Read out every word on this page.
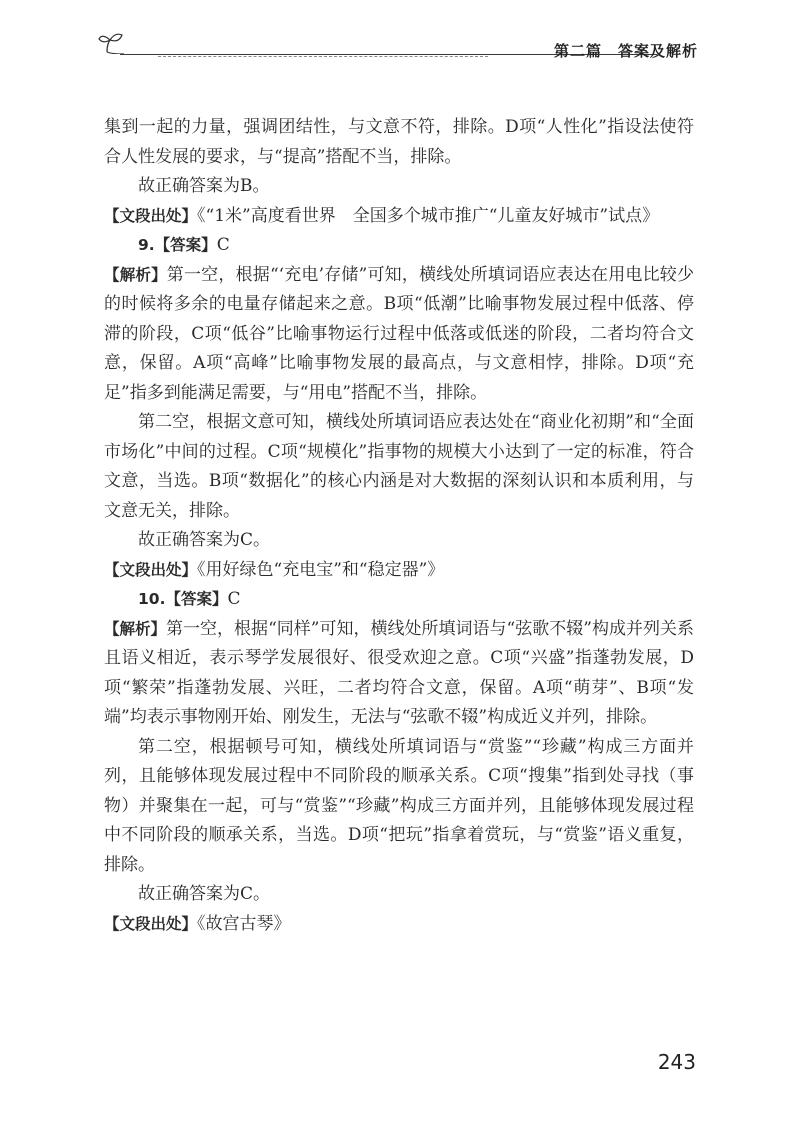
第二篇　答案及解析

集到一起的力量，强调团结性，与文意不符，排除。D项“人性化”指设法使符合人性发展的要求，与“提高”搭配不当，排除。

故正确答案为B。

【文段出处】《“1米”高度看世界　全国多个城市推广“儿童友好城市”试点》

9.【答案】C

【解析】第一空，根据“‘充电’存储”可知，横线处所填词语应表达在用电比较少的时候将多余的电量存储起来之意。B项“低潮”比喻事物发展过程中低落、停滞的阶段，C项“低谷”比喻事物运行过程中低落或低迷的阶段，二者均符合文意，保留。A项“高峰”比喻事物发展的最高点，与文意相悖，排除。D项“充足”指多到能满足需要，与“用电”搭配不当，排除。

第二空，根据文意可知，横线处所填词语应表达处在“商业化初期”和“全面市场化”中间的过程。C项“规模化”指事物的规模大小达到了一定的标准，符合文意，当选。B项“数据化”的核心内涵是对大数据的深刻认识和本质利用，与文意无关，排除。

故正确答案为C。

【文段出处】《用好绿色“充电宝”和“稳定器”》

10.【答案】C

【解析】第一空，根据“同样”可知，横线处所填词语与“弦歌不辍”构成并列关系且语义相近，表示琴学发展很好、很受欢迎之意。C项“兴盛”指蓬勃发展，D项“繁荣”指蓬勃发展、兴旺，二者均符合文意，保留。A项“萌芽”、B项“发端”均表示事物刚开始、刚发生，无法与“弦歌不辍”构成近义并列，排除。

第二空，根据顿号可知，横线处所填词语与“赏鉴”“珍藏”构成三方面并列，且能够体现发展过程中不同阶段的顺承关系。C项“搜集”指到处寻找（事物）并聚集在一起，可与“赏鉴”“珍藏”构成三方面并列，且能够体现发展过程中不同阶段的顺承关系，当选。D项“把玩”指拿着赏玩，与“赏鉴”语义重复，排除。

故正确答案为C。

【文段出处】《故宫古琴》

243
